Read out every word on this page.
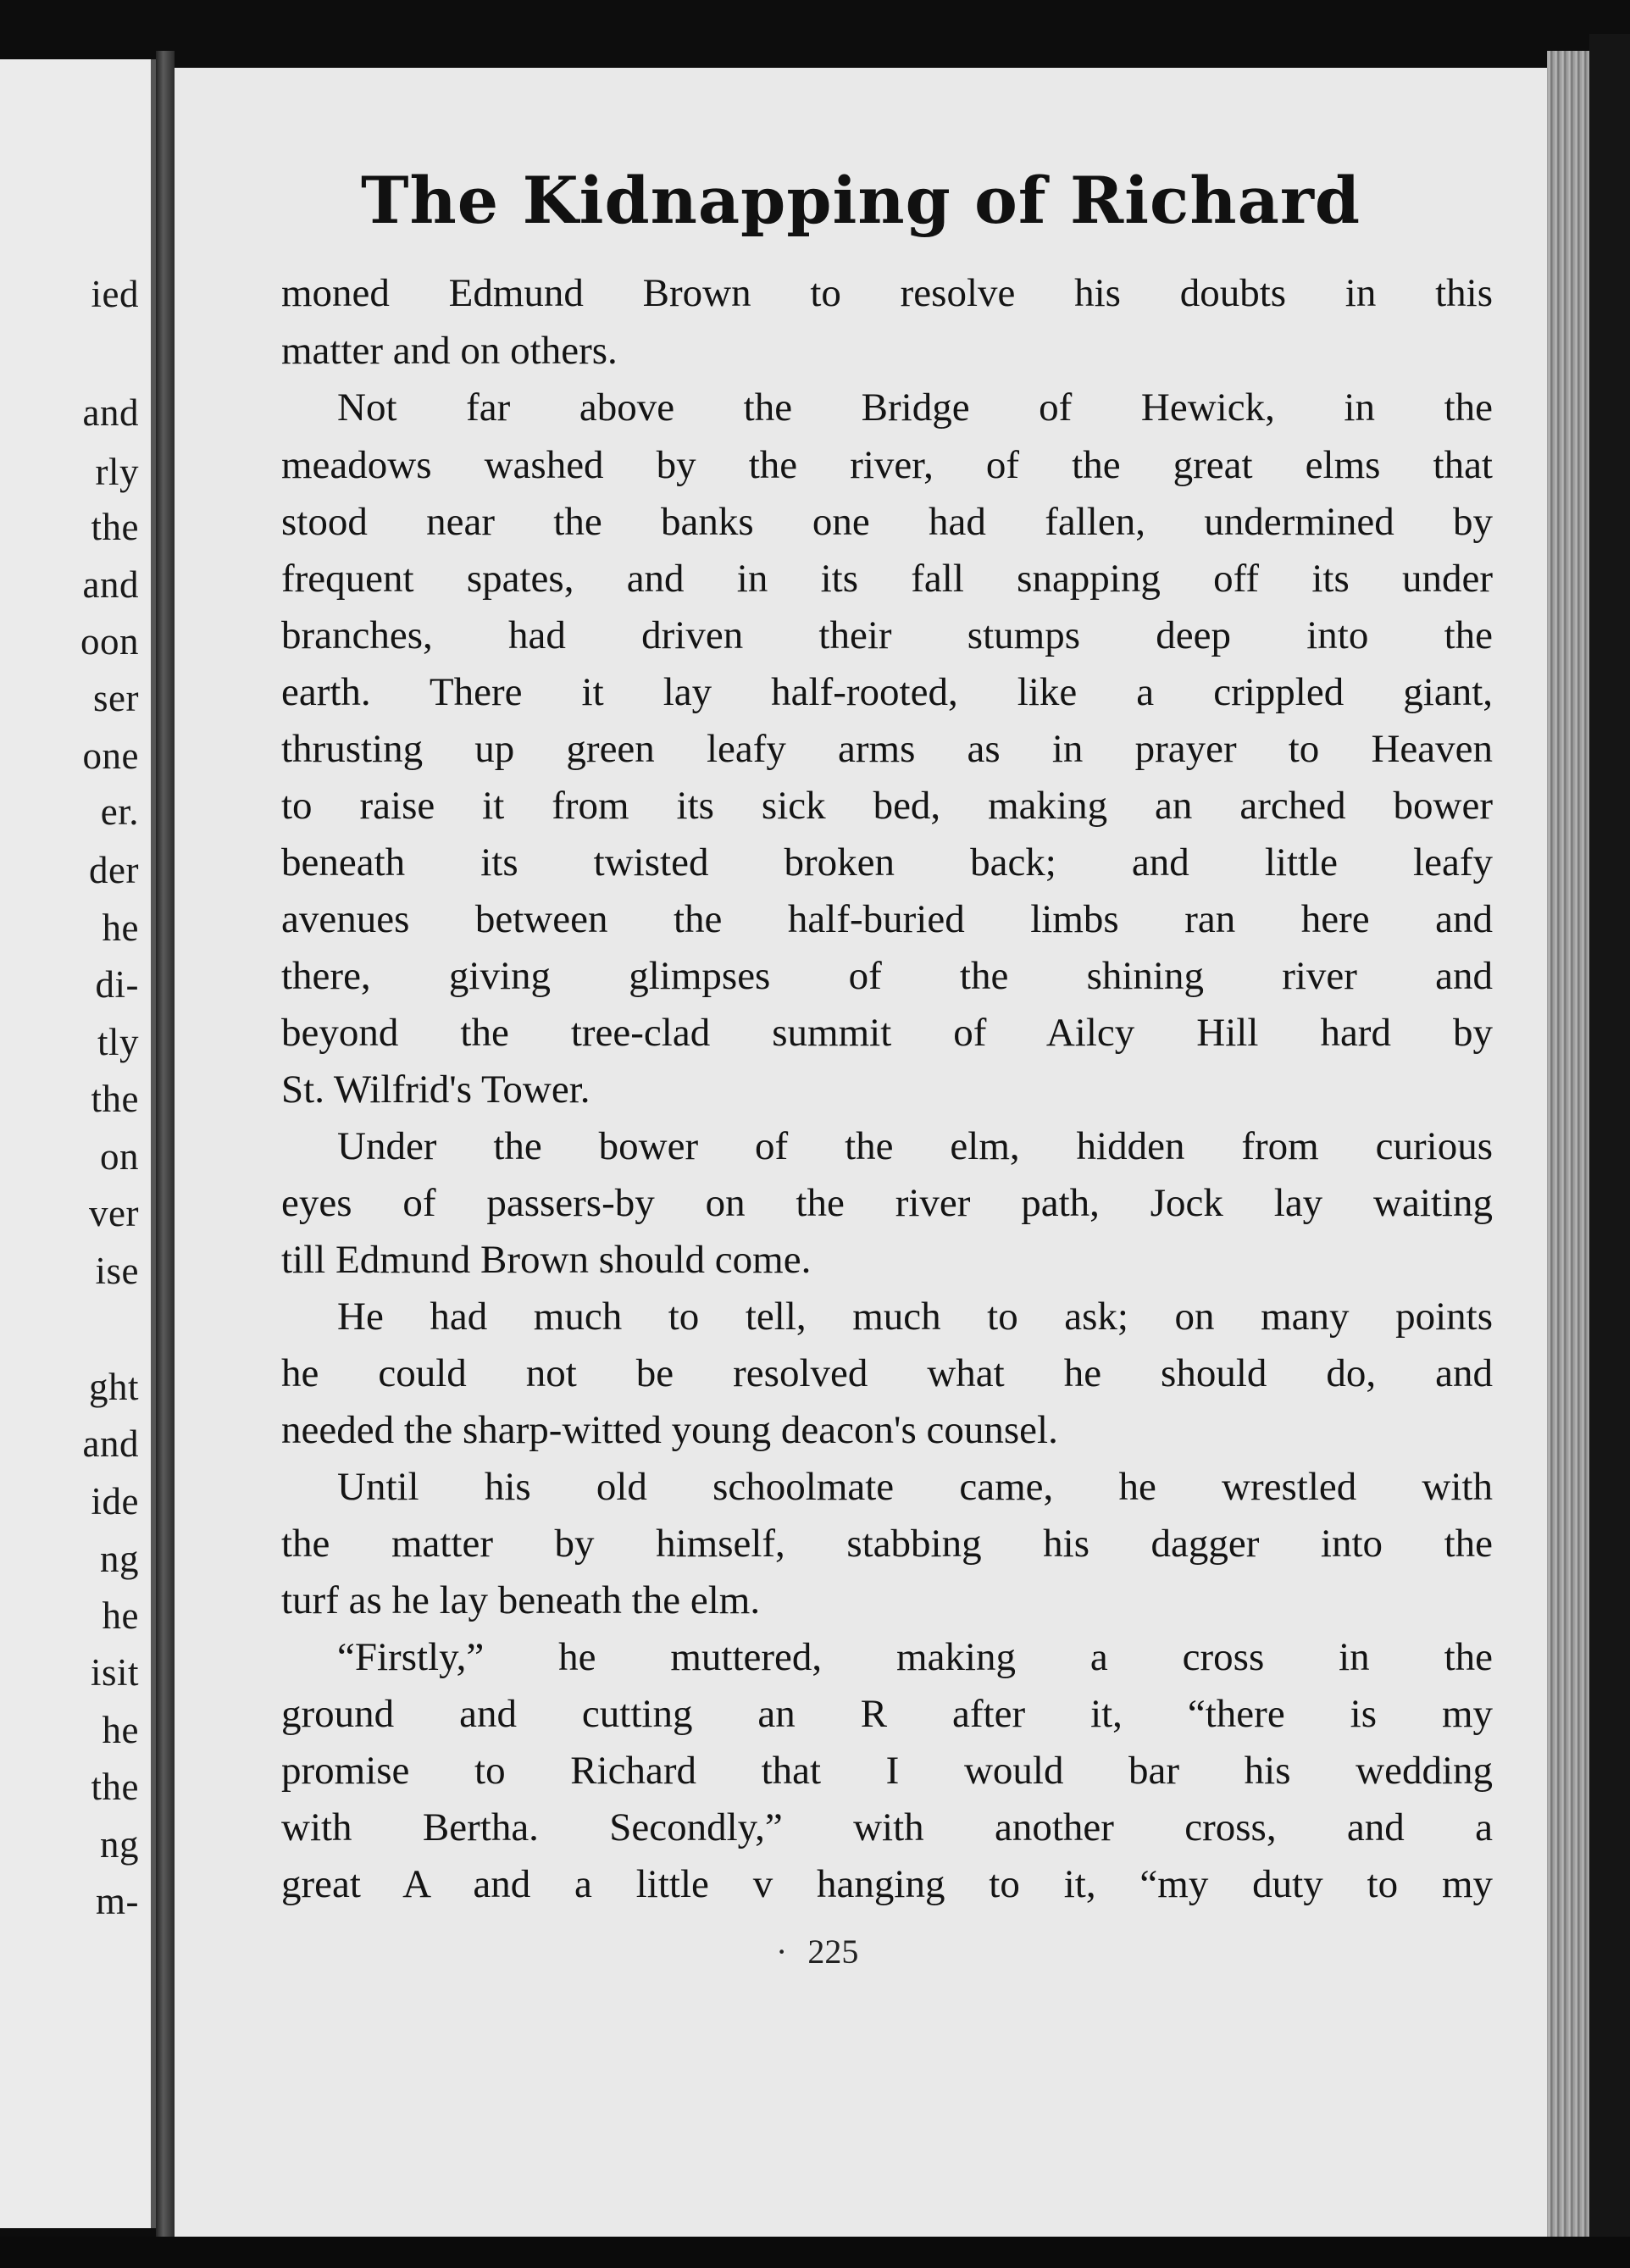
ied
and
rly
the
and
oon
ser
one
er.
der
he
di-
tly
the
on
ver
ise
ght
and
ide
ng
he
isit
he
the
ng
m-
The Kidnapping of Richard
moned Edmund Brown to resolve his doubts in this
matter and on others.
Not far above the Bridge of Hewick, in the
meadows washed by the river, of the great elms that
stood near the banks one had fallen, undermined by
frequent spates, and in its fall snapping off its under
branches, had driven their stumps deep into the
earth. There it lay half-rooted, like a crippled giant,
thrusting up green leafy arms as in prayer to Heaven
to raise it from its sick bed, making an arched bower
beneath its twisted broken back; and little leafy
avenues between the half-buried limbs ran here and
there, giving glimpses of the shining river and
beyond the tree-clad summit of Ailcy Hill hard by
St. Wilfrid's Tower.
Under the bower of the elm, hidden from curious
eyes of passers-by on the river path, Jock lay waiting
till Edmund Brown should come.
He had much to tell, much to ask; on many points
he could not be resolved what he should do, and
needed the sharp-witted young deacon's counsel.
Until his old schoolmate came, he wrestled with
the matter by himself, stabbing his dagger into the
turf as he lay beneath the elm.
“Firstly,” he muttered, making a cross in the
ground and cutting an R after it, “there is my
promise to Richard that I would bar his wedding
with Bertha. Secondly,” with another cross, and a
great A and a little v hanging to it, “my duty to my
· 225
